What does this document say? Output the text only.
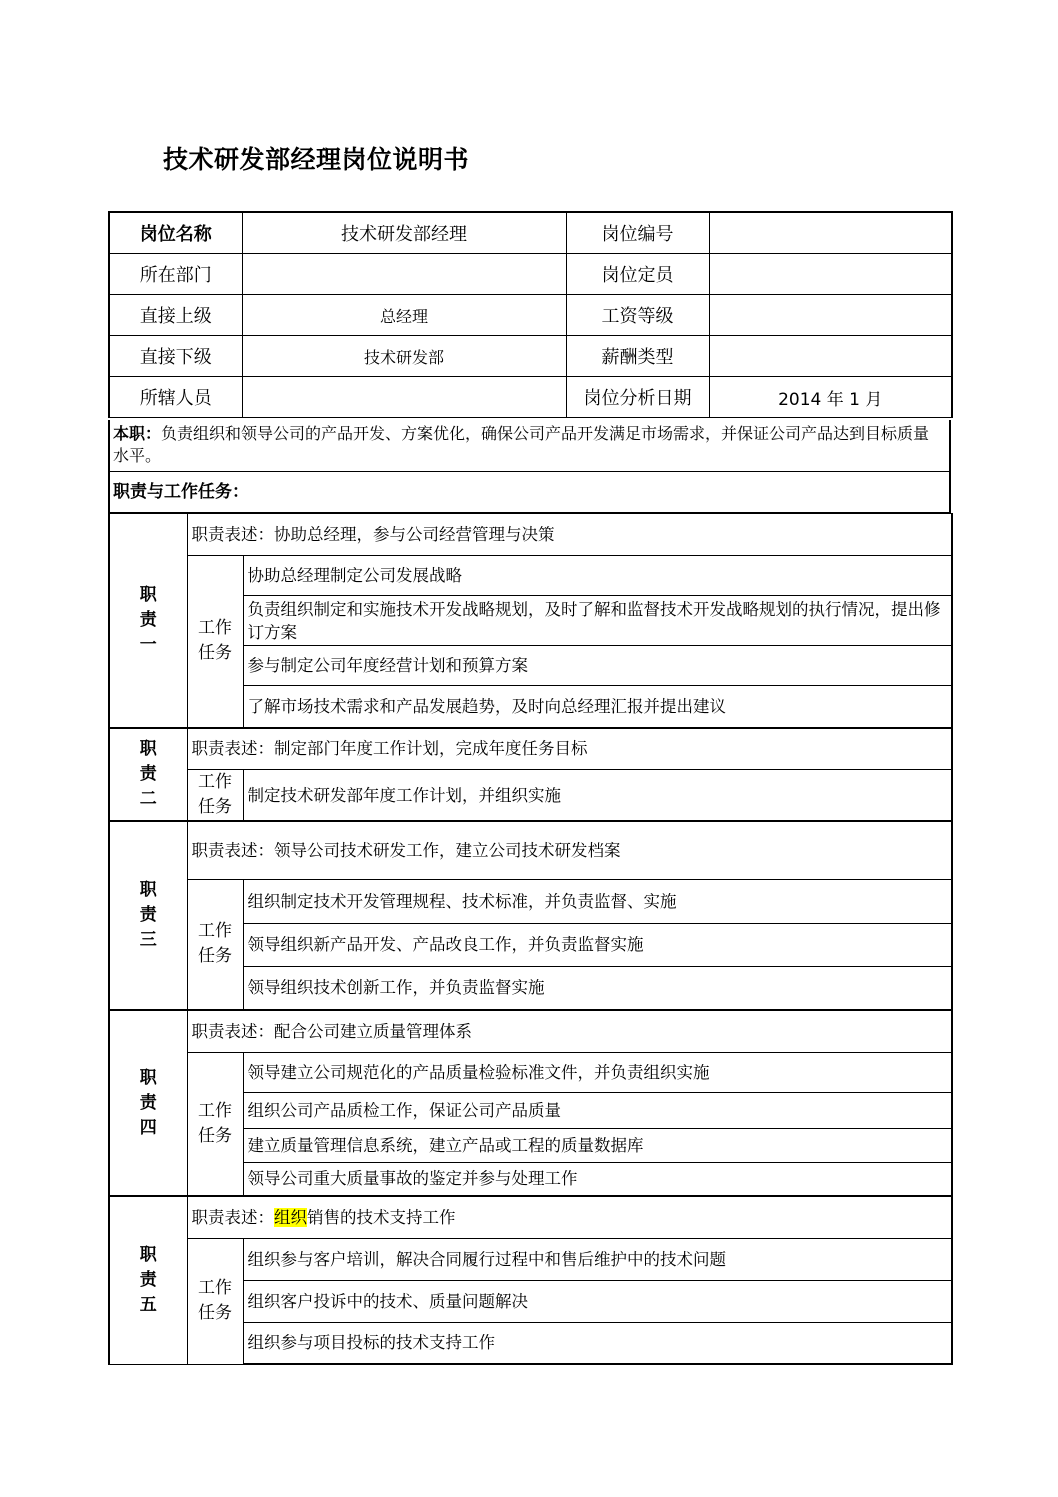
技术研发部经理岗位说明书
岗位名称	技术研发部经理	岗位编号	
所在部门		岗位定员	
直接上级	总经理	工资等级	
直接下级	技术研发部	薪酬类型	
所辖人员		岗位分析日期	2014 年 1 月
本职：负责组织和领导公司的产品开发、方案优化，确保公司产品开发满足市场需求，并保证公司产品达到目标质量水平。
职责与工作任务：
职责一	职责表述：协助总经理，参与公司经营管理与决策	
	工作任务	协助总经理制定公司发展战略
		负责组织制定和实施技术开发战略规划，及时了解和监督技术开发战略规划的执行情况，提出修订方案
		参与制定公司年度经营计划和预算方案
		了解市场技术需求和产品发展趋势，及时向总经理汇报并提出建议
职责二	职责表述：制定部门年度工作计划，完成年度任务目标	
	工作任务	制定技术研发部年度工作计划，并组织实施
职责三	职责表述：领导公司技术研发工作，建立公司技术研发档案	
	工作任务	组织制定技术开发管理规程、技术标准，并负责监督、实施
		领导组织新产品开发、产品改良工作，并负责监督实施
		领导组织技术创新工作，并负责监督实施
职责四	职责表述：配合公司建立质量管理体系	
	工作任务	领导建立公司规范化的产品质量检验标准文件，并负责组织实施
		组织公司产品质检工作，保证公司产品质量
		建立质量管理信息系统，建立产品或工程的质量数据库
		领导公司重大质量事故的鉴定并参与处理工作
职责五	职责表述：组织销售的技术支持工作	
	工作任务	组织参与客户培训，解决合同履行过程中和售后维护中的技术问题
		组织客户投诉中的技术、质量问题解决
		组织参与项目投标的技术支持工作
